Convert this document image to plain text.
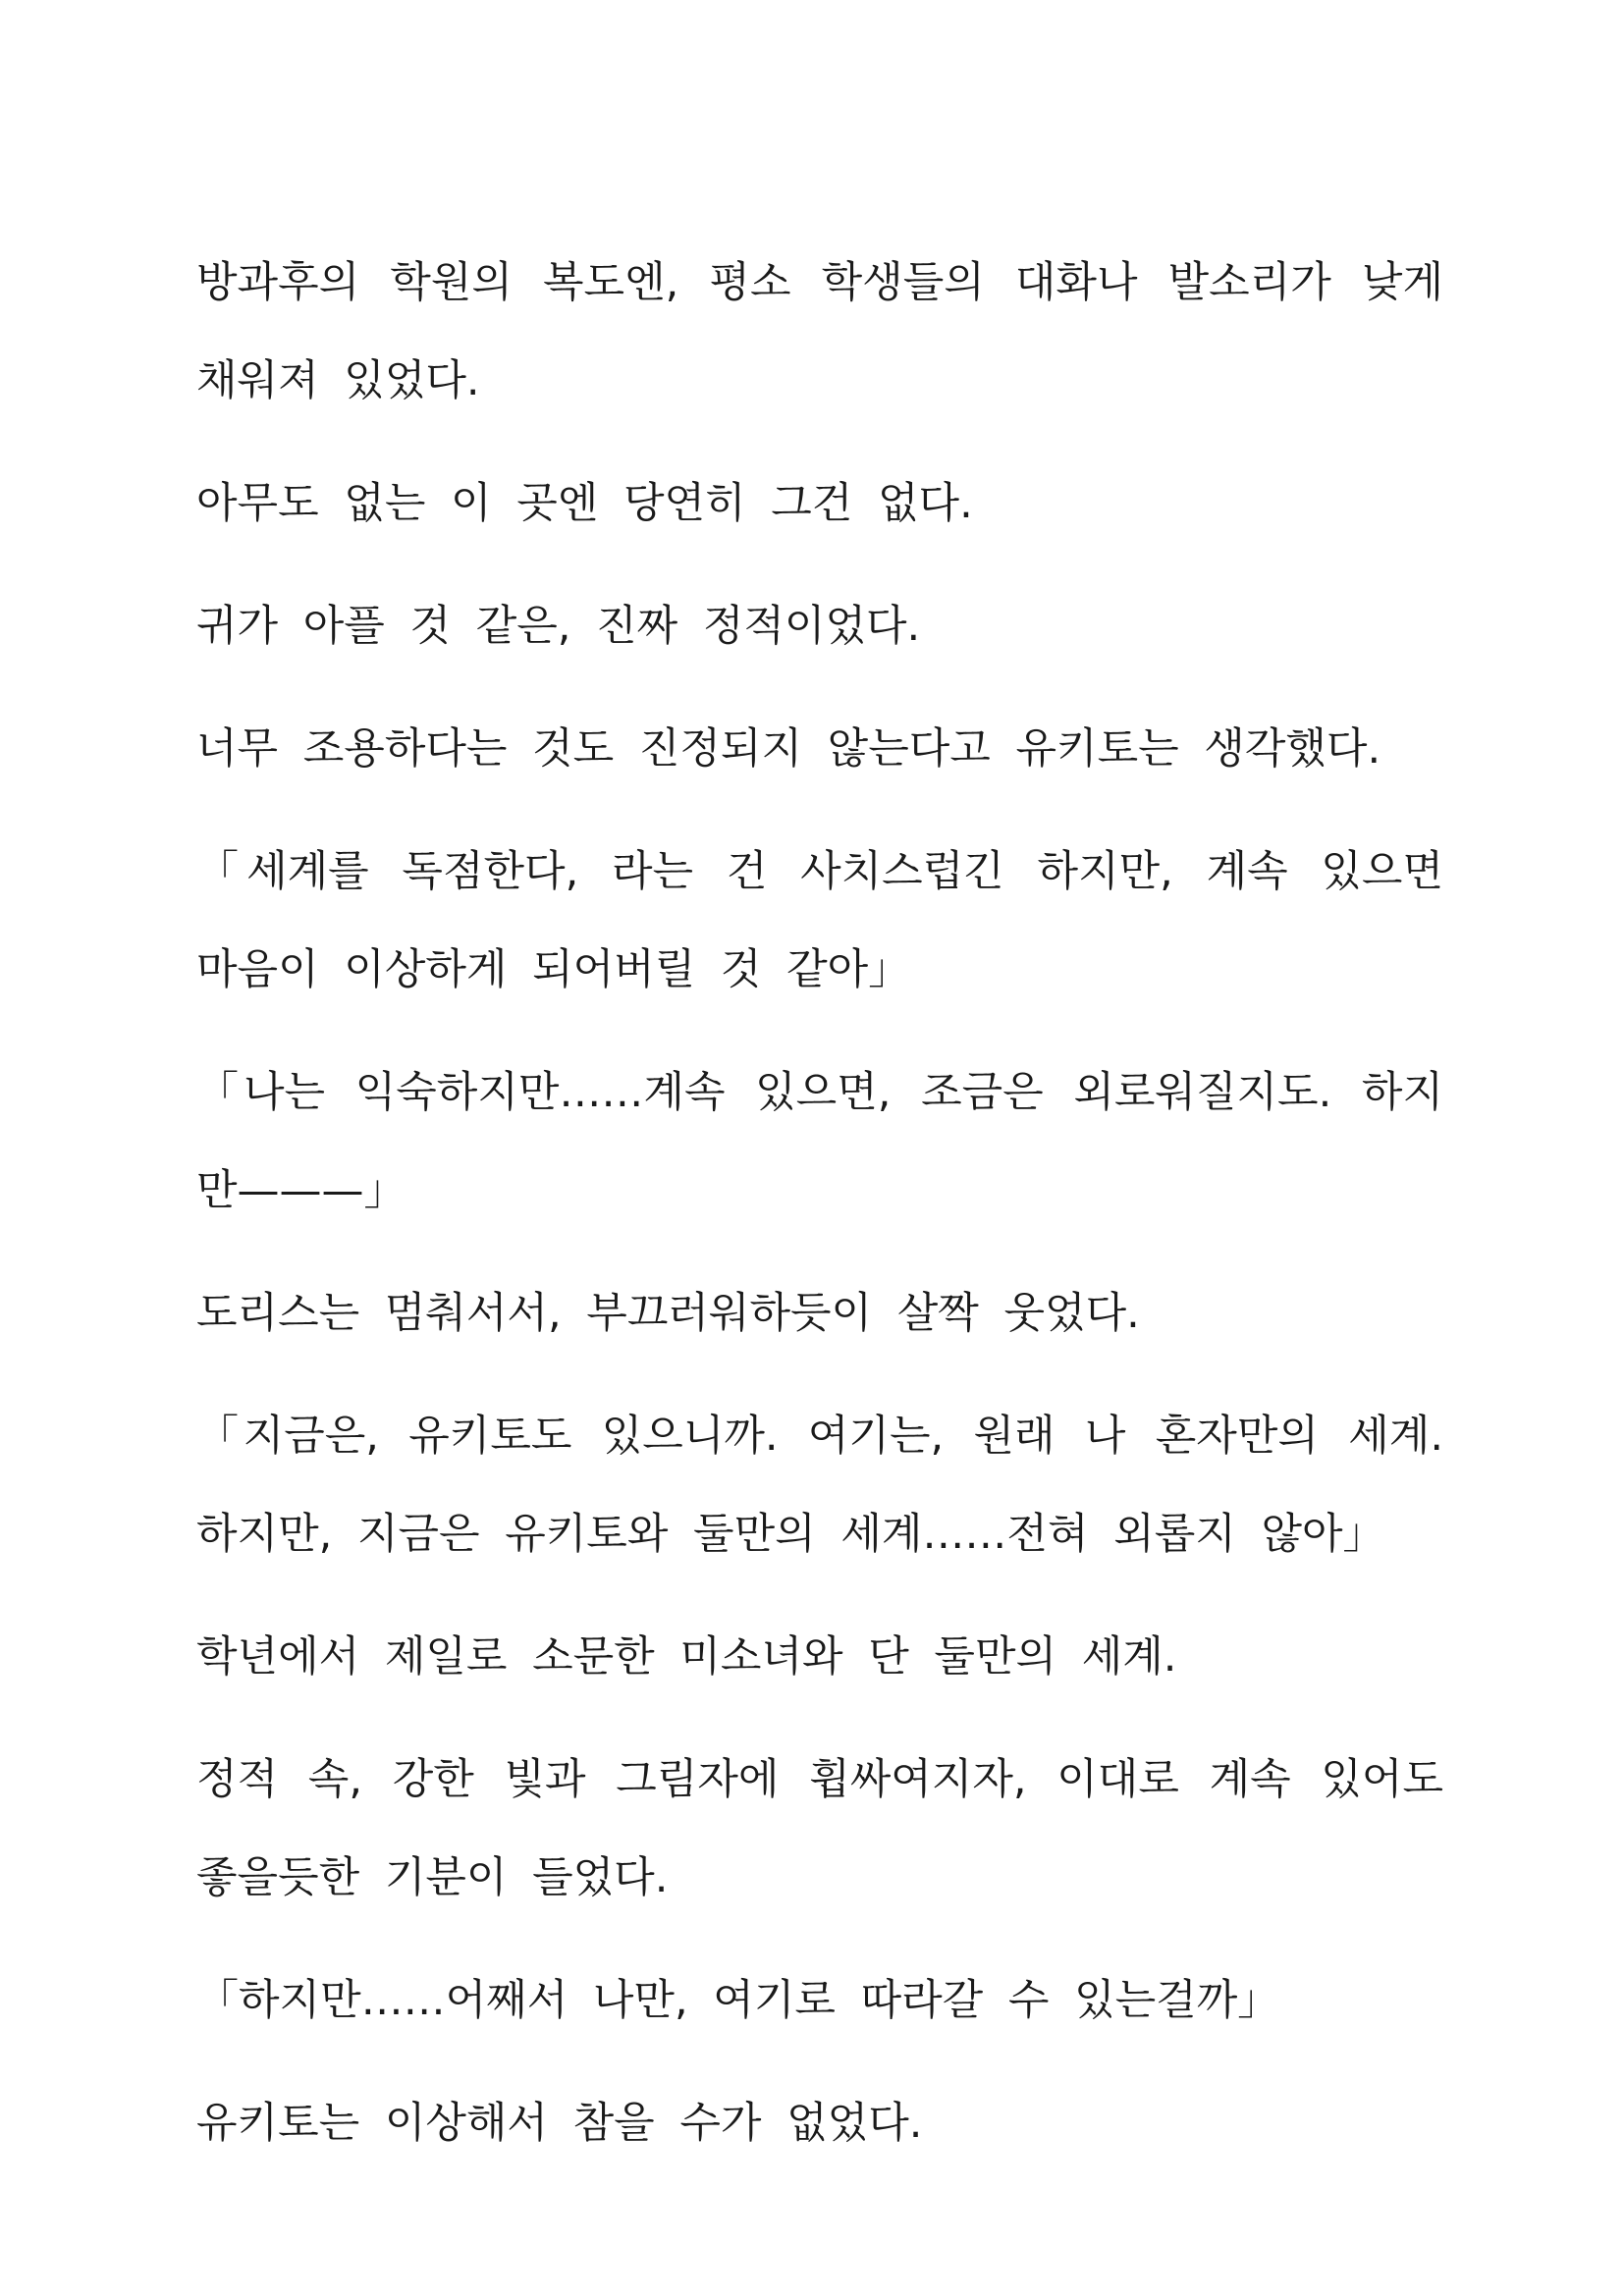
방과후의 학원의 복도엔, 평소 학생들의 대화나 발소리가 낮게 채워져 있었다.

아무도 없는 이 곳엔 당연히 그건 없다.

귀가 아플 것 같은, 진짜 정적이었다.

너무 조용하다는 것도 진정되지 않는다고 유키토는 생각했다.

「세계를 독점한다, 라는 건 사치스럽긴 하지만, 계속 있으면 마음이 이상하게 되어버릴 것 같아」

「나는 익숙하지만……계속 있으면, 조금은 외로워질지도. 하지만———」

도리스는 멈춰서서, 부끄러워하듯이 살짝 웃었다.

「지금은, 유키토도 있으니까. 여기는, 원래 나 혼자만의 세계. 하지만, 지금은 유키토와 둘만의 세계……전혀 외롭지 않아」

학년에서 제일로 소문한 미소녀와 단 둘만의 세계.

정적 속, 강한 빛과 그림자에 휩싸여지자, 이대로 계속 있어도 좋을듯한 기분이 들었다.

「하지만……어째서 나만, 여기로 따라갈 수 있는걸까」

유키토는 이상해서 참을 수가 없었다.
